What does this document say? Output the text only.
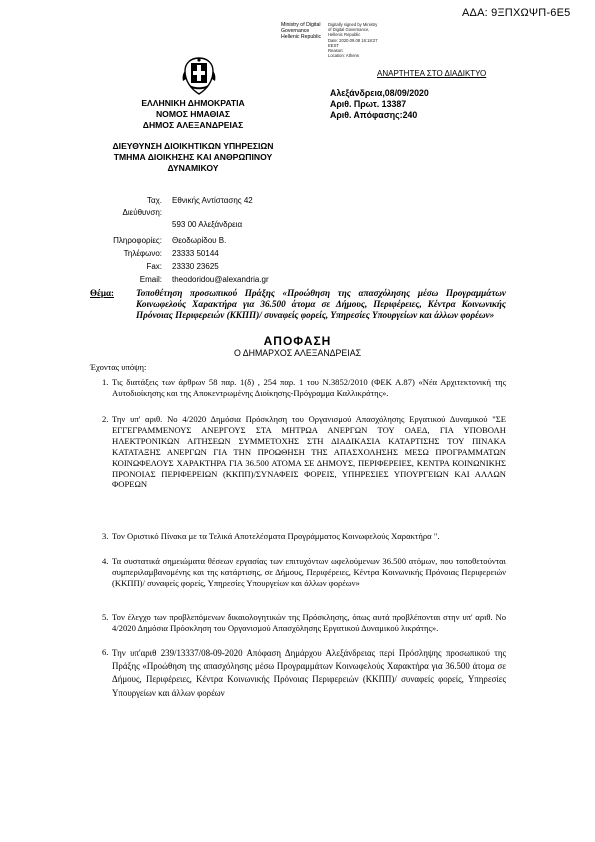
ΑΔΑ: 9ΞΠΧΩΨΠ-6Ε5
Ministry of Digital
Governance
Hellenic Republic
Digitally signed by Ministry
of Digital Governance,
Hellenic Republic
Date: 2020.09.08 16:18:27
EEST
Reason:
Location: Athens
ΑΝΑΡΤΗΤΕΑ ΣΤΟ ΔΙΑΔΙΚΤΥΟ
ΕΛΛΗΝΙΚΗ ΔΗΜΟΚΡΑΤΙΑ
ΝΟΜΟΣ ΗΜΑΘΙΑΣ
ΔΗΜΟΣ ΑΛΕΞΑΝΔΡΕΙΑΣ
ΔΙΕΥΘΥΝΣΗ ΔΙΟΙΚΗΤΙΚΩΝ ΥΠΗΡΕΣΙΩΝ
ΤΜΗΜΑ ΔΙΟΙΚΗΣΗΣ ΚΑΙ ΑΝΘΡΩΠΙΝΟΥ
ΔΥΝΑΜΙΚΟΥ
Αλεξάνδρεια,08/09/2020
Αριθ. Πρωτ. 13387
Αριθ. Απόφασης:240
Ταχ. Εθνικής Αντίστασης 42
Διεύθυνση:
593 00 Αλεξάνδρεια
Πληροφορίες: Θεοδωρίδου Β.
Τηλέφωνο: 23333 50144
Fax: 23330 23625
Email: theodoridou@alexandria.gr
Θέμα: Τοποθέτηση προσωπικού Πράξης «Προώθηση της απασχόλησης μέσω Προγραμμάτων Κοινωφελούς Χαρακτήρα για 36.500 άτομα σε Δήμους, Περιφέρειες, Κέντρα Κοινωνικής Πρόνοιας Περιφερειών (ΚΚΠΠ)/ συναφείς φορείς, Υπηρεσίες Υπουργείων και άλλων φορέων»
ΑΠΟΦΑΣΗ
Ο ΔΗΜΑΡΧΟΣ ΑΛΕΞΑΝΔΡΕΙΑΣ
Έχοντας υπόψη:
1. Τις διατάξεις των άρθρων 58 παρ. 1(δ) , 254 παρ. 1 του Ν.3852/2010 (ΦΕΚ Α.87) «Νέα Αρχιτεκτονική της Αυτοδιοίκησης και της Αποκεντρωμένης Διοίκησης-Πρόγραμμα Καλλικράτης».
2. Την υπ' αριθ. Νο 4/2020 Δημόσια Πρόσκληση του Οργανισμού Απασχόλησης Εργατικού Δυναμικού "ΣΕ ΕΓΓΕΓΡΑΜΜΕΝΟΥΣ ΑΝΕΡΓΟΥΣ ΣΤΑ ΜΗΤΡΩΑ ΑΝΕΡΓΩΝ ΤΟΥ ΟΑΕΔ, ΓΙΑ ΥΠΟΒΟΛΗ ΗΛΕΚΤΡΟΝΙΚΩΝ ΑΙΤΗΣΕΩΝ ΣΥΜΜΕΤΟΧΗΣ ΣΤΗ ΔΙΑΔΙΚΑΣΙΑ ΚΑΤΑΡΤΙΣΗΣ ΤΟΥ ΠΙΝΑΚΑ ΚΑΤΑΤΑΞΗΣ ΑΝΕΡΓΩΝ ΓΙΑ ΤΗΝ ΠΡΟΩΘΗΣΗ ΤΗΣ ΑΠΑΣΧΟΛΗΣΗΣ ΜΕΣΩ ΠΡΟΓΡΑΜΜΑΤΩΝ ΚΟΙΝΩΦΕΛΟΥΣ ΧΑΡΑΚΤΗΡΑ ΓΙΑ 36.500 ΑΤΟΜΑ ΣΕ ΔΗΜΟΥΣ, ΠΕΡΙΦΕΡΕΙΕΣ, ΚΕΝΤΡΑ ΚΟΙΝΩΝΙΚΗΣ ΠΡΟΝΟΙΑΣ ΠΕΡΙΦΕΡΕΙΩΝ (ΚΚΠΠ)/ΣΥΝΑΦΕΙΣ ΦΟΡΕΙΣ, ΥΠΗΡΕΣΙΕΣ ΥΠΟΥΡΓΕΙΩΝ ΚΑΙ ΑΛΛΩΝ ΦΟΡΕΩΝ
3. Τον Οριστικό Πίνακα με τα Τελικά Αποτελέσματα Προγράμματος Κοινωφελούς Χαρακτήρα ".
4. Τα συστατικά σημειώματα θέσεων εργασίας των επιτυχόντων ωφελούμενων 36.500 ατόμων, που τοποθετούνται συμπεριλαμβανομένης και της κατάρτισης, σε Δήμους, Περιφέρειες, Κέντρα Κοινωνικής Πρόνοιας Περιφερειών (ΚΚΠΠ)/ συναφείς φορείς, Υπηρεσίες Υπουργείων και άλλων φορέων»
5. Τον έλεγχο των προβλεπόμενων δικαιολογητικών της Πρόσκλησης, όπως αυτά προβλέπονται στην υπ' αριθ. Νο 4/2020 Δημόσια Πρόσκληση του Οργανισμού Απασχόλησης Εργατικού Δυναμικού λικράτης».
6. Την υπ'αριθ 239/13337/08-09-2020 Απόφαση Δημάρχου Αλεξάνδρειας περί Πρόσληψης προσωπικού της Πράξης «Προώθηση της απασχόλησης μέσω Προγραμμάτων Κοινωφελούς Χαρακτήρα για 36.500 άτομα σε Δήμους, Περιφέρειες, Κέντρα Κοινωνικής Πρόνοιας Περιφερειών (ΚΚΠΠ)/ συναφείς φορείς, Υπηρεσίες Υπουργείων και άλλων φορέων
